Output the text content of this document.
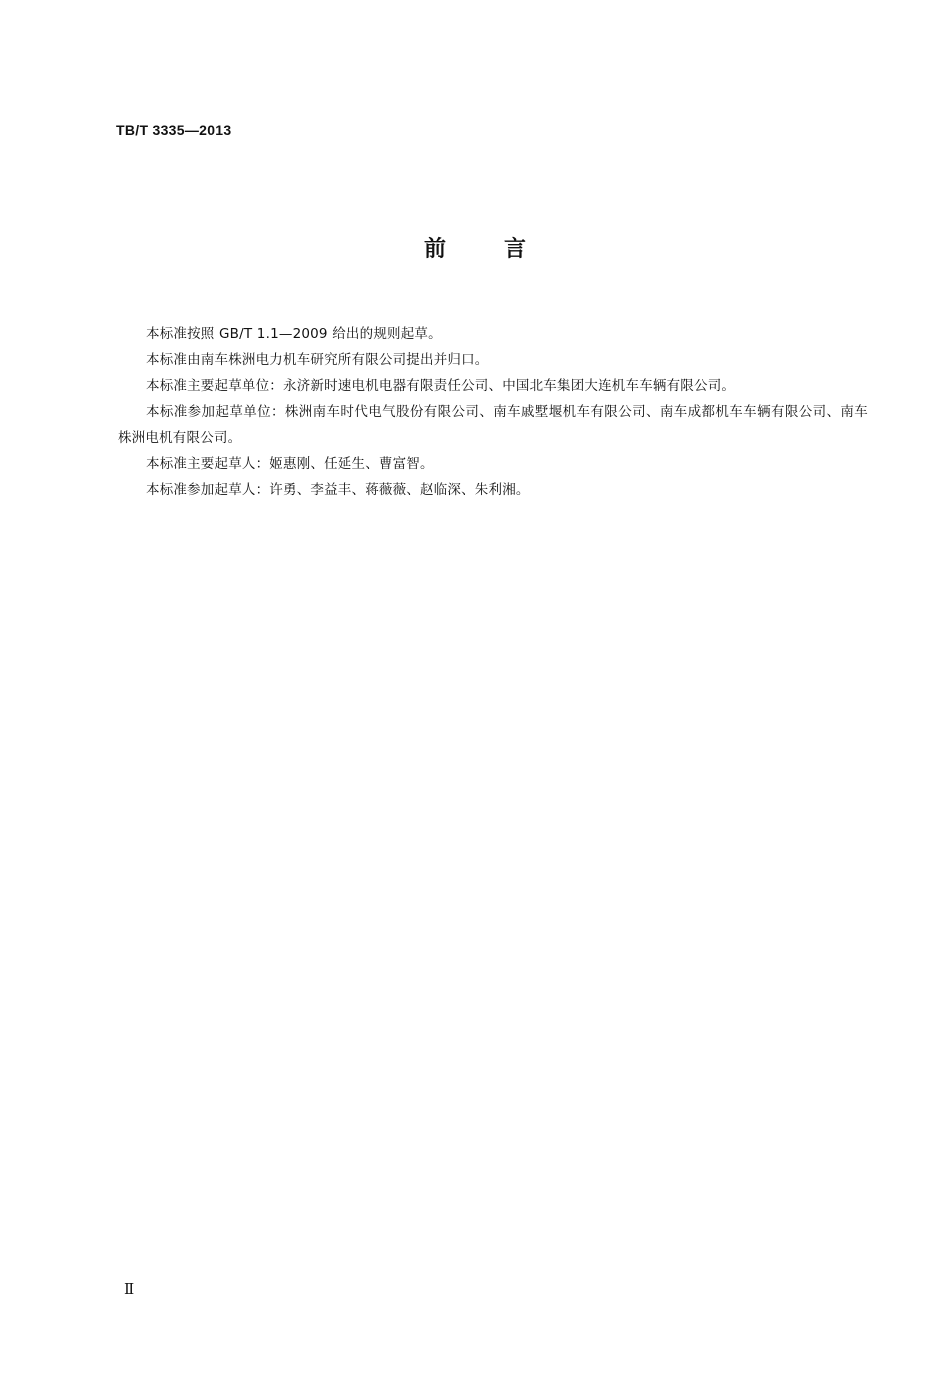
TB/T 3335—2013
前	言

本标准按照 GB/T 1.1—2009 给出的规则起草。

本标准由南车株洲电力机车研究所有限公司提出并归口。

本标准主要起草单位：永济新时速电机电器有限责任公司、中国北车集团大连机车车辆有限公司。

本标准参加起草单位：株洲南车时代电气股份有限公司、南车戚墅堰机车有限公司、南车成都机车车辆有限公司、南车株洲电机有限公司。

本标准主要起草人：姬惠刚、任延生、曹富智。

本标准参加起草人：许勇、李益丰、蒋薇薇、赵临深、朱利湘。

Ⅱ
